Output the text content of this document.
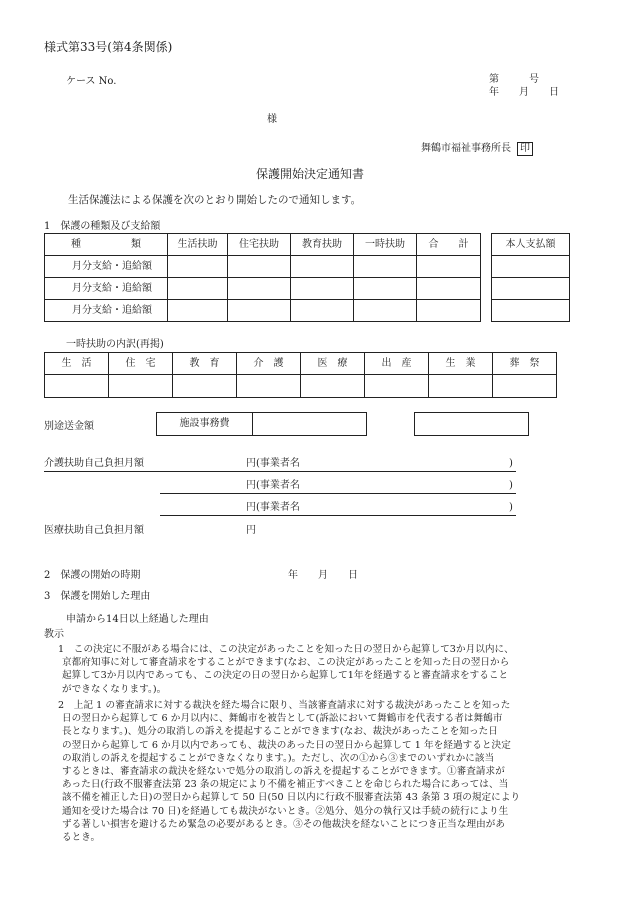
様式第33号(第4条関係)
ケース No.	第　　　号
年　　月　　日
様
舞鶴市福祉事務所長 印
保護開始決定通知書
生活保護法による保護を次のとおり開始したので通知します。
1　保護の種類及び支給額
種　　　　　類	生活扶助	住宅扶助	教育扶助	一時扶助	合　　計
月分支給・追給額					
月分支給・追給額					
月分支給・追給額					
本人支払額

一時扶助の内訳(再掲)
生　活	住　宅	教　育	介　護	医　療	出　産	生　業	葬　祭

別途送金額	施設事務費			
介護扶助自己負担月額	円(事業者名	)
円(事業者名	)
円(事業者名	)
医療扶助自己負担月額	円
2　保護の開始の時期	年　　月　　日
3　保護を開始した理由
申請から14日以上経過した理由
教示

1　この決定に不服がある場合には、この決定があったことを知った日の翌日から起算して3か月以内に、

京都府知事に対して審査請求をすることができます(なお、この決定があったことを知った日の翌日から

起算して3か月以内であっても、この決定の日の翌日から起算して1年を経過すると審査請求をすること

ができなくなります。)。

2　上記 1 の審査請求に対する裁決を経た場合に限り、当該審査請求に対する裁決があったことを知った

日の翌日から起算して 6 か月以内に、舞鶴市を被告として(訴訟において舞鶴市を代表する者は舞鶴市

長となります。)、処分の取消しの訴えを提起することができます(なお、裁決があったことを知った日

の翌日から起算して 6 か月以内であっても、裁決のあった日の翌日から起算して 1 年を経過すると決定

の取消しの訴えを提起することができなくなります。)。ただし、次の①から③までのいずれかに該当

するときは、審査請求の裁決を経ないで処分の取消しの訴えを提起することができます。①審査請求が

あった日(行政不服審査法第 23 条の規定により不備を補正すべきことを命じられた場合にあっては、当

該不備を補正した日)の翌日から起算して 50 日(50 日以内に行政不服審査法第 43 条第 3 項の規定により

通知を受けた場合は 70 日)を経過しても裁決がないとき。②処分、処分の執行又は手続の続行により生

ずる著しい損害を避けるため緊急の必要があるとき。③その他裁決を経ないことにつき正当な理由があ

るとき。
